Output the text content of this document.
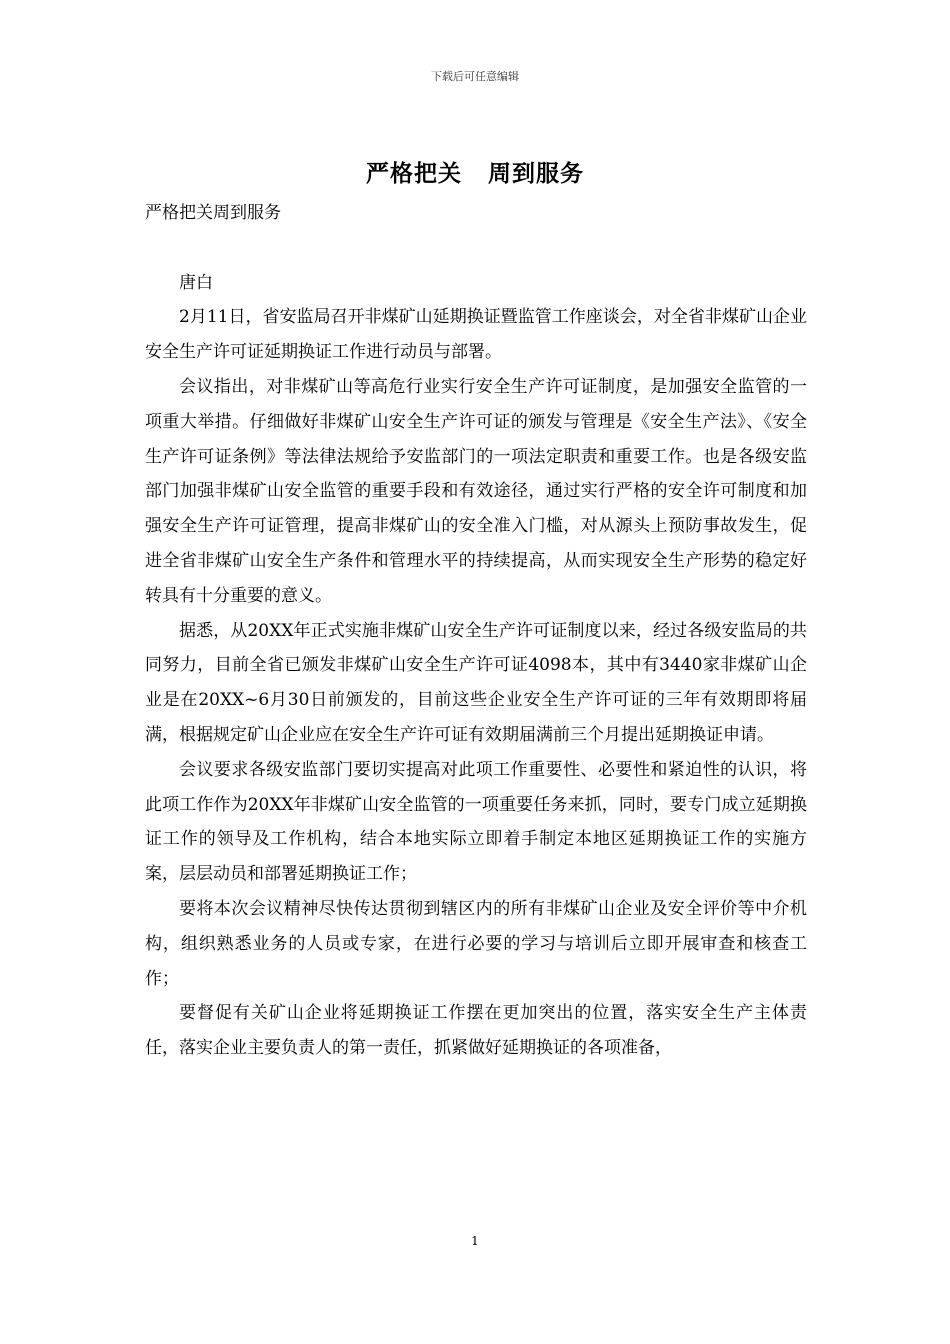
下载后可任意编辑
严格把关 周到服务

严格把关周到服务

唐白

2月11日，省安监局召开非煤矿山延期换证暨监管工作座谈会，对全省非煤矿山企业安全生产许可证延期换证工作进行动员与部署。

会议指出，对非煤矿山等高危行业实行安全生产许可证制度，是加强安全监管的一项重大举措。仔细做好非煤矿山安全生产许可证的颁发与管理是《安全生产法》、《安全生产许可证条例》等法律法规给予安监部门的一项法定职责和重要工作。也是各级安监部门加强非煤矿山安全监管的重要手段和有效途径，通过实行严格的安全许可制度和加强安全生产许可证管理，提高非煤矿山的安全准入门槛，对从源头上预防事故发生，促进全省非煤矿山安全生产条件和管理水平的持续提高，从而实现安全生产形势的稳定好转具有十分重要的意义。

据悉，从20XX年正式实施非煤矿山安全生产许可证制度以来，经过各级安监局的共同努力，目前全省已颁发非煤矿山安全生产许可证4098本，其中有3440家非煤矿山企业是在20XX~6月30日前颁发的，目前这些企业安全生产许可证的三年有效期即将届满，根据规定矿山企业应在安全生产许可证有效期届满前三个月提出延期换证申请。

会议要求各级安监部门要切实提高对此项工作重要性、必要性和紧迫性的认识，将此项工作作为20XX年非煤矿山安全监管的一项重要任务来抓，同时，要专门成立延期换证工作的领导及工作机构，结合本地实际立即着手制定本地区延期换证工作的实施方案，层层动员和部署延期换证工作；

要将本次会议精神尽快传达贯彻到辖区内的所有非煤矿山企业及安全评价等中介机构，组织熟悉业务的人员或专家，在进行必要的学习与培训后立即开展审查和核查工作；

要督促有关矿山企业将延期换证工作摆在更加突出的位置，落实安全生产主体责任，落实企业主要负责人的第一责任，抓紧做好延期换证的各项准备，

1
